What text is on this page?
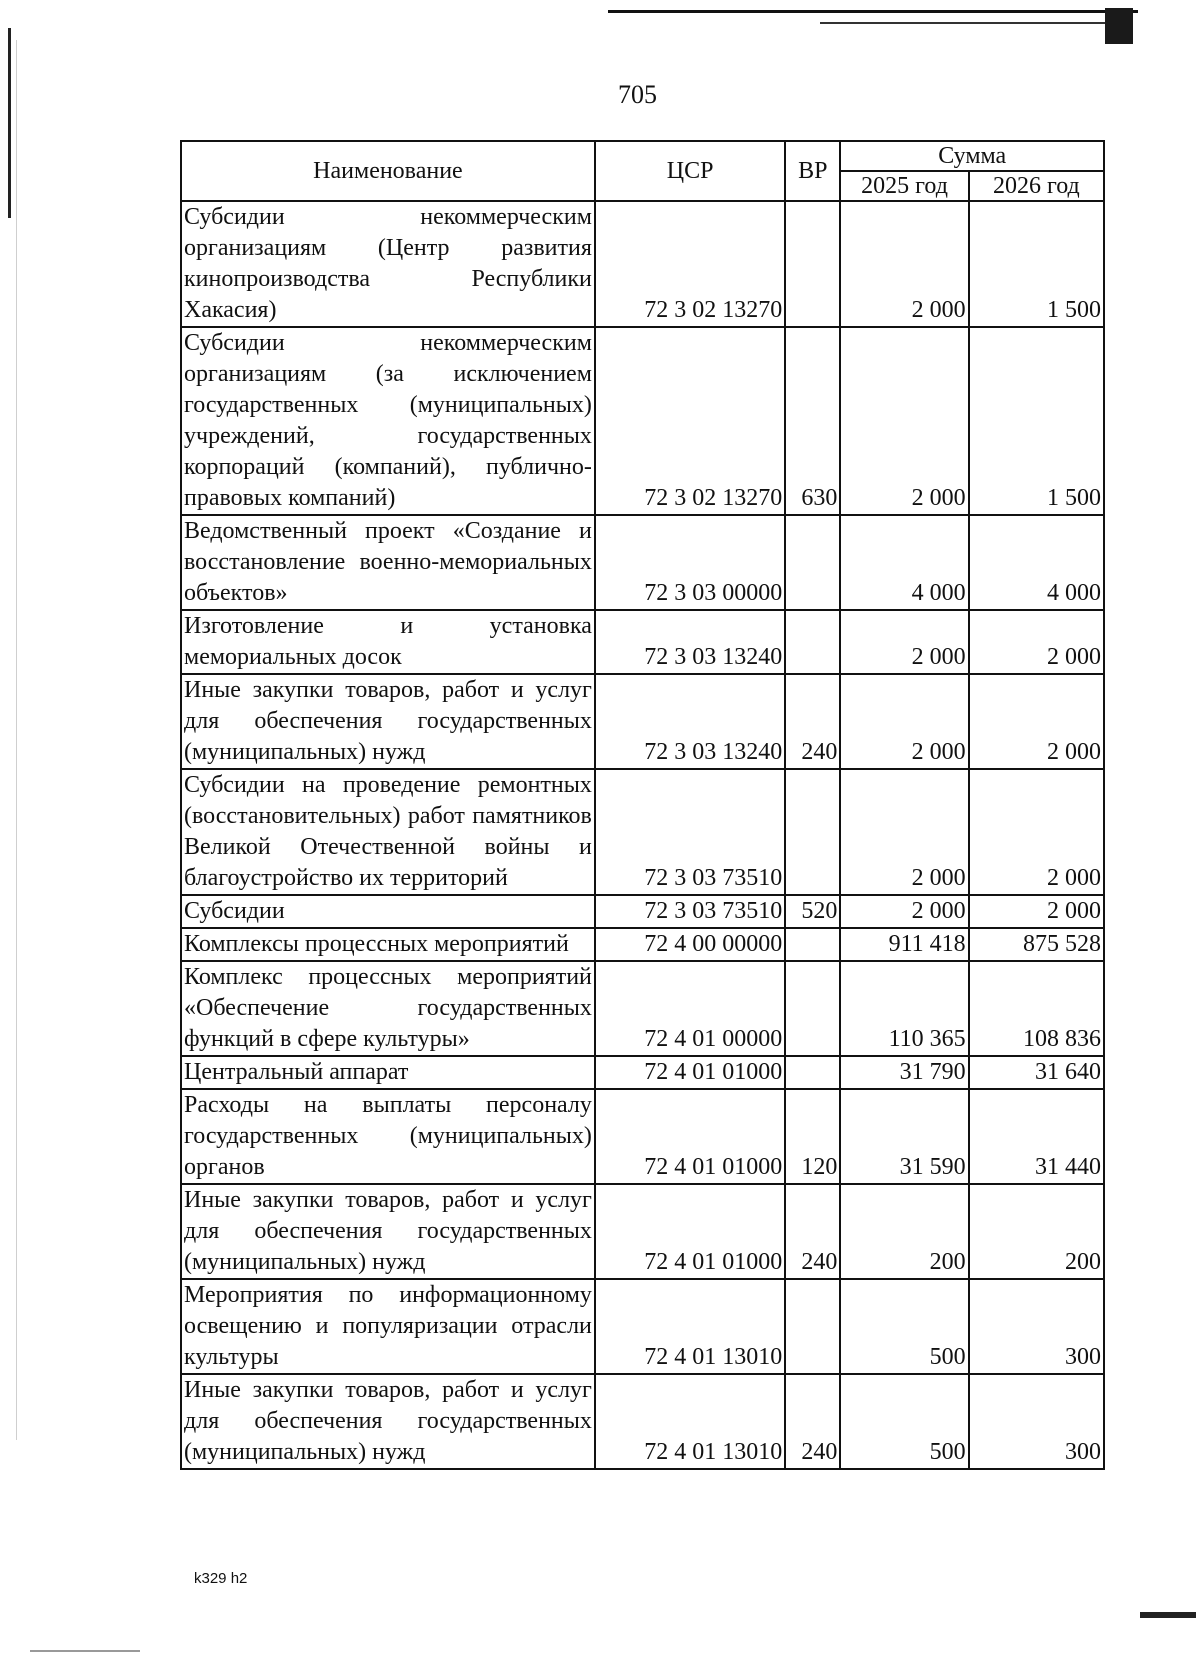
705
Наименование	ЦСР	ВР	Сумма	
			2025 год	2026 год
Субсидии некоммерческим организациям (Центр развития кинопроизводства Республики Хакасия)	72 3 02 13270		2 000	1 500
Субсидии некоммерческим организациям (за исключением государственных (муниципальных) учреждений, государственных корпораций (компаний), публично-правовых компаний)	72 3 02 13270	630	2 000	1 500
Ведомственный проект «Создание и восстановление военно-мемориальных объектов»	72 3 03 00000		4 000	4 000
Изготовление и установка мемориальных досок	72 3 03 13240		2 000	2 000
Иные закупки товаров, работ и услуг для обеспечения государственных (муниципальных) нужд	72 3 03 13240	240	2 000	2 000
Субсидии на проведение ремонтных (восстановительных) работ памятников Великой Отечественной войны и благоустройство их территорий	72 3 03 73510		2 000	2 000
Субсидии	72 3 03 73510	520	2 000	2 000
Комплексы процессных мероприятий	72 4 00 00000		911 418	875 528
Комплекс процессных мероприятий «Обеспечение государственных функций в сфере культуры»	72 4 01 00000		110 365	108 836
Центральный аппарат	72 4 01 01000		31 790	31 640
Расходы на выплаты персоналу государственных (муниципальных) органов	72 4 01 01000	120	31 590	31 440
Иные закупки товаров, работ и услуг для обеспечения государственных (муниципальных) нужд	72 4 01 01000	240	200	200
Мероприятия по информационному освещению и популяризации отрасли культуры	72 4 01 13010		500	300
Иные закупки товаров, работ и услуг для обеспечения государственных (муниципальных) нужд	72 4 01 13010	240	500	300
k329 h2
